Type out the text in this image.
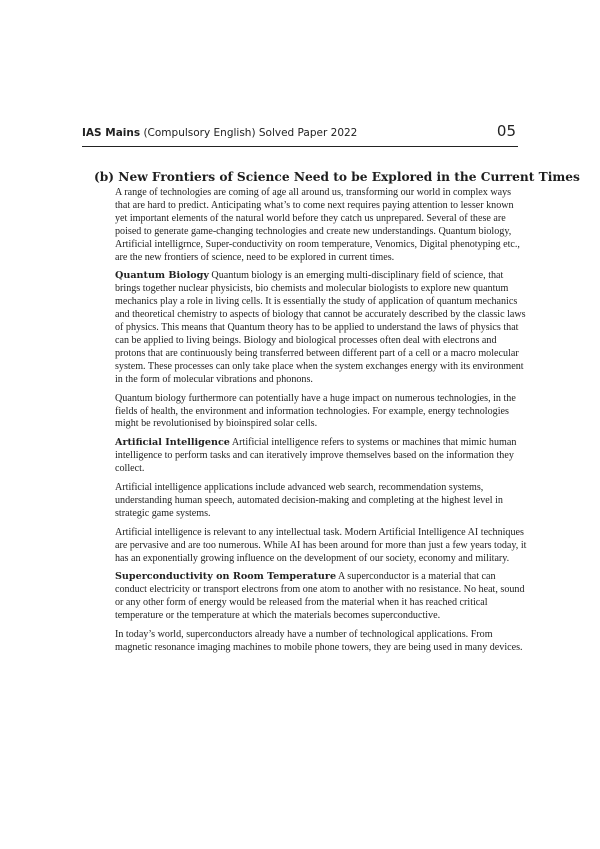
IAS Mains (Compulsory English) Solved Paper 2022	05
(b) New Frontiers of Science Need to be Explored in the Current Times

A range of technologies are coming of age all around us, transforming our world in complex ways that are hard to predict. Anticipating what’s to come next requires paying attention to lesser known yet important elements of the natural world before they catch us unprepared. Several of these are poised to generate game-changing technologies and create new understandings. Quantum biology, Artificial intelligrnce, Super-conductivity on room temperature, Venomics, Digital phenotyping etc., are the new frontiers of science, need to be explored in current times.

Quantum Biology Quantum biology is an emerging multi-disciplinary field of science, that brings together nuclear physicists, bio chemists and molecular biologists to explore new quantum mechanics play a role in living cells. It is essentially the study of application of quantum mechanics and theoretical chemistry to aspects of biology that cannot be accurately described by the classic laws of physics. This means that Quantum theory has to be applied to understand the laws of physics that can be applied to living beings. Biology and biological processes often deal with electrons and protons that are continuously being transferred between different part of a cell or a macro molecular system. These processes can only take place when the system exchanges energy with its environment in the form of molecular vibrations and phonons.

Quantum biology furthermore can potentially have a huge impact on numerous technologies, in the fields of health, the environment and information technologies. For example, energy technologies might be revolutionised by bioinspired solar cells.

Artificial Intelligence Artificial intelligence refers to systems or machines that mimic human intelligence to perform tasks and can iteratively improve themselves based on the information they collect.

Artificial intelligence applications include advanced web search, recommendation systems, understanding human speech, automated decision-making and completing at the highest level in strategic game systems.

Artificial intelligence is relevant to any intellectual task. Modern Artificial Intelligence AI techniques are pervasive and are too numerous. While AI has been around for more than just a few years today, it has an exponentially growing influence on the development of our society, economy and military.

Superconductivity on Room Temperature A superconductor is a material that can conduct electricity or transport electrons from one atom to another with no resistance. No heat, sound or any other form of energy would be released from the material when it has reached critical temperature or the temperature at which the materials becomes superconductive.

In today’s world, superconductors already have a number of technological applications. From magnetic resonance imaging machines to mobile phone towers, they are being used in many devices.
